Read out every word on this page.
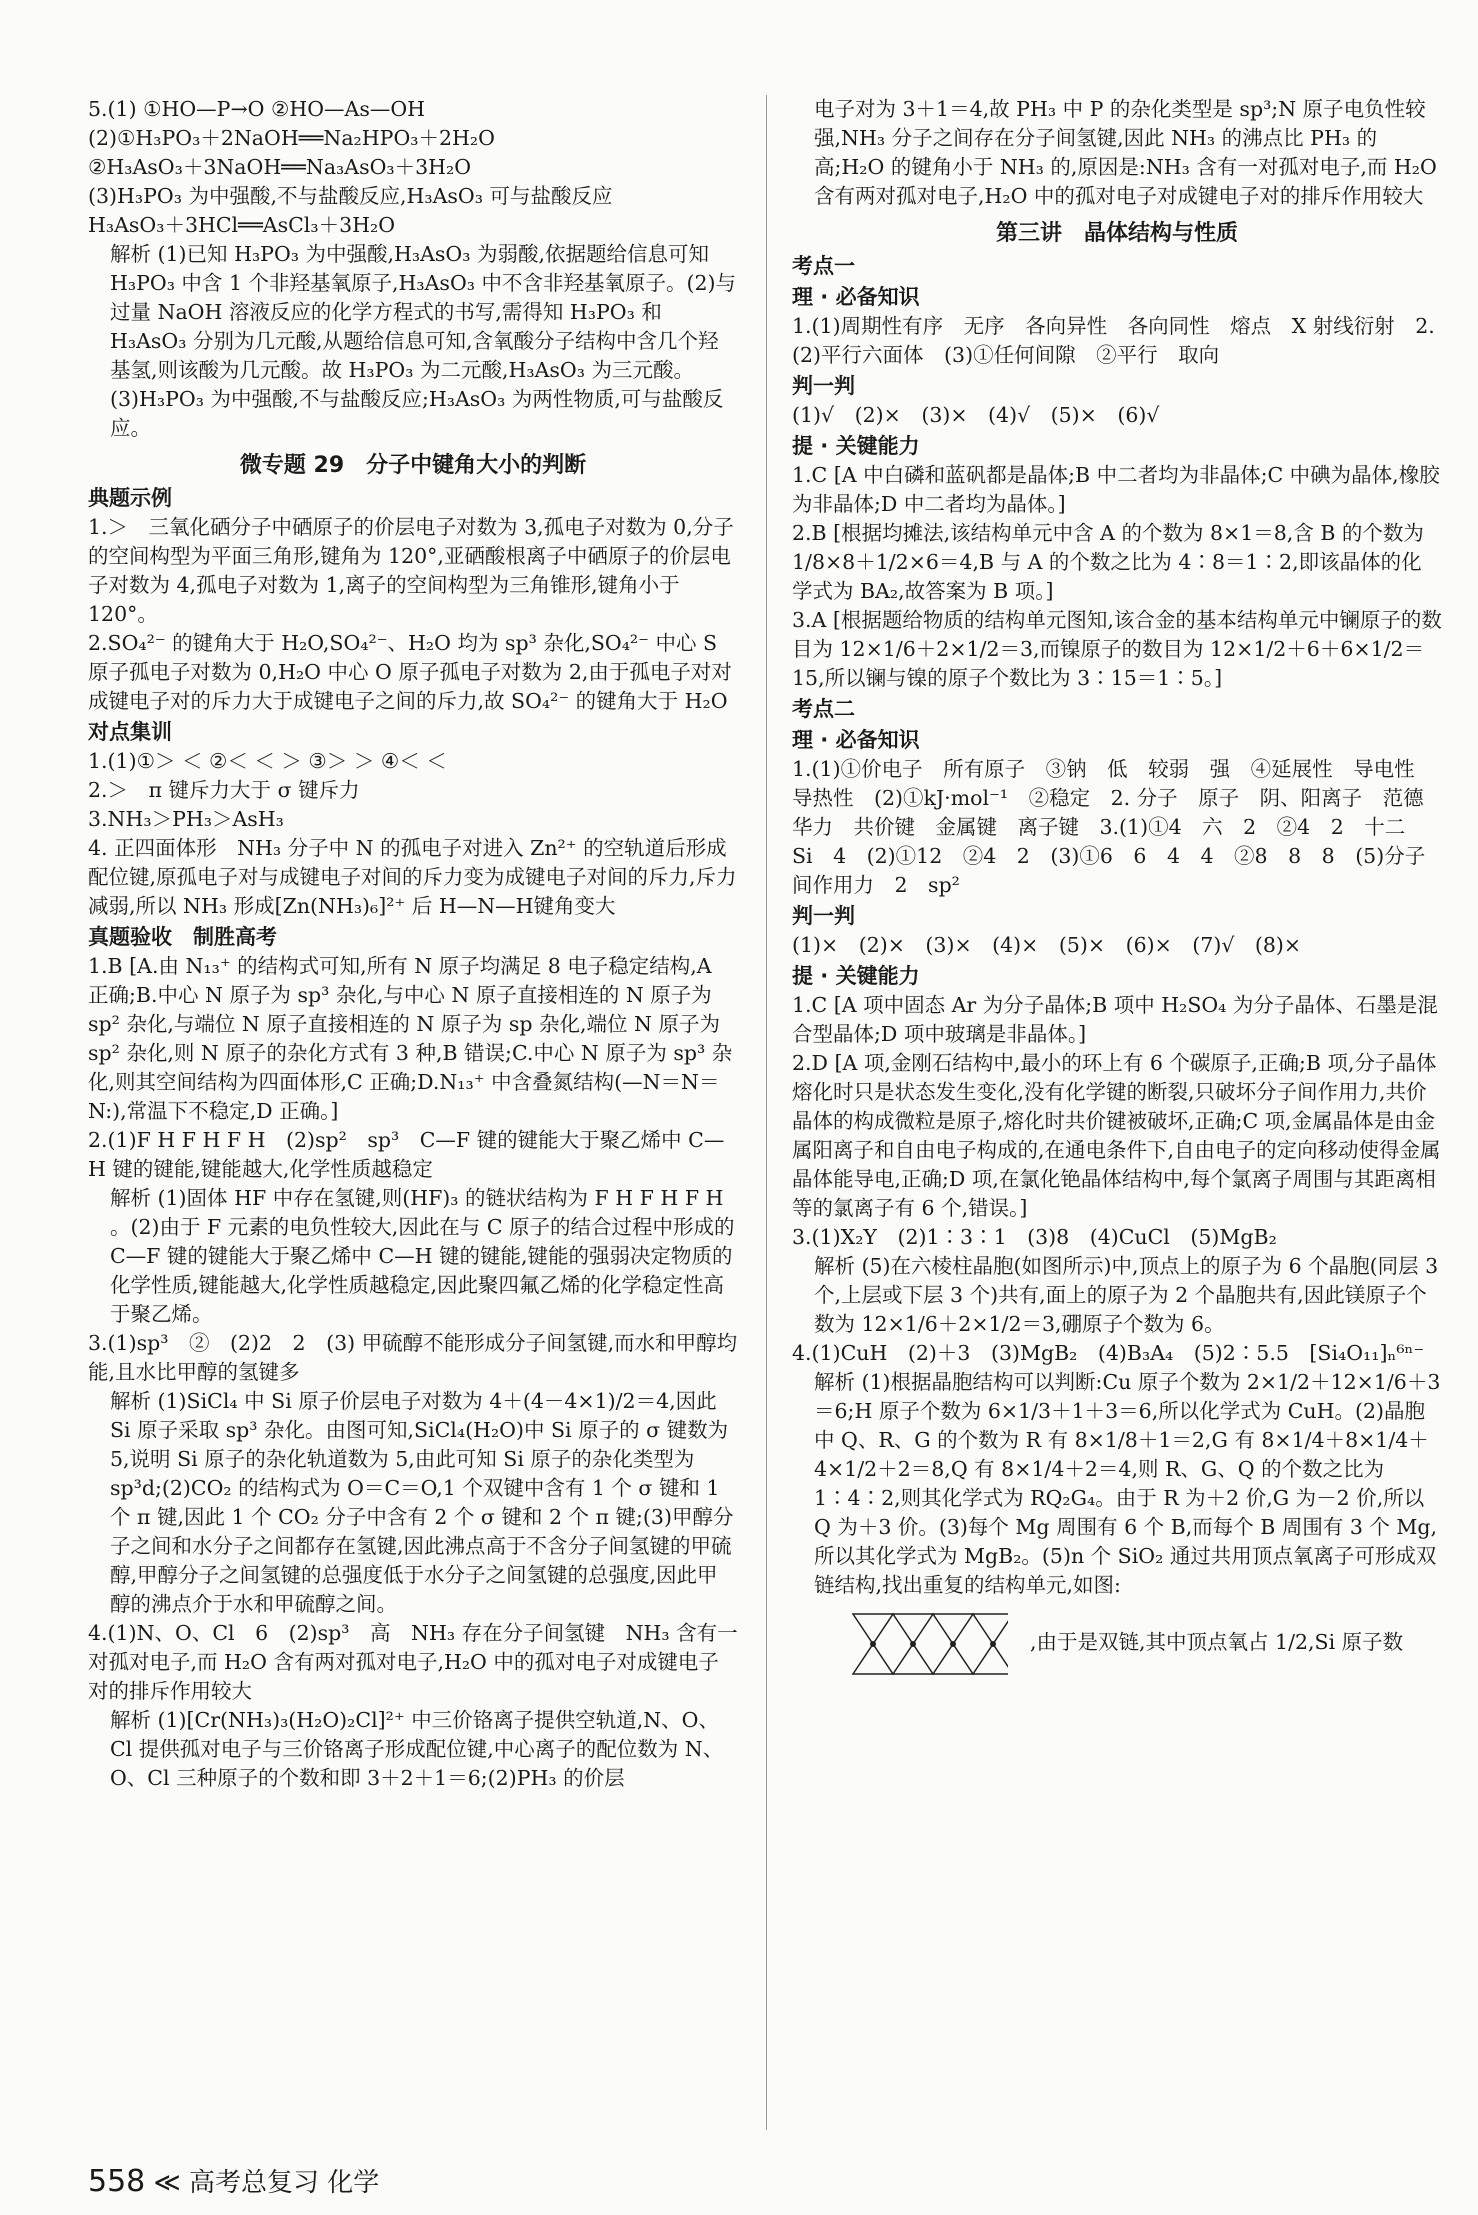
5.(1) ①HO—P→O ②HO—As—OH

(2)①H₃PO₃＋2NaOH══Na₂HPO₃＋2H₂O

②H₃AsO₃＋3NaOH══Na₃AsO₃＋3H₂O

(3)H₃PO₃ 为中强酸,不与盐酸反应,H₃AsO₃ 可与盐酸反应

H₃AsO₃＋3HCl══AsCl₃＋3H₂O

解析 (1)已知 H₃PO₃ 为中强酸,H₃AsO₃ 为弱酸,依据题给信息可知 H₃PO₃ 中含 1 个非羟基氧原子,H₃AsO₃ 中不含非羟基氧原子。(2)与过量 NaOH 溶液反应的化学方程式的书写,需得知 H₃PO₃ 和 H₃AsO₃ 分别为几元酸,从题给信息可知,含氧酸分子结构中含几个羟基氢,则该酸为几元酸。故 H₃PO₃ 为二元酸,H₃AsO₃ 为三元酸。(3)H₃PO₃ 为中强酸,不与盐酸反应;H₃AsO₃ 为两性物质,可与盐酸反应。

微专题 29　分子中键角大小的判断

典题示例

1.＞　三氧化硒分子中硒原子的价层电子对数为 3,孤电子对数为 0,分子的空间构型为平面三角形,键角为 120°,亚硒酸根离子中硒原子的价层电子对数为 4,孤电子对数为 1,离子的空间构型为三角锥形,键角小于 120°。

2.SO₄²⁻ 的键角大于 H₂O,SO₄²⁻、H₂O 均为 sp³ 杂化,SO₄²⁻ 中心 S 原子孤电子对数为 0,H₂O 中心 O 原子孤电子对数为 2,由于孤电子对对成键电子对的斥力大于成键电子之间的斥力,故 SO₄²⁻ 的键角大于 H₂O

对点集训

1.(1)①＞ ＜ ②＜ ＜ ＞ ③＞ ＞ ④＜ ＜

2.＞　π 键斥力大于 σ 键斥力

3.NH₃＞PH₃＞AsH₃

4. 正四面体形　NH₃ 分子中 N 的孤电子对进入 Zn²⁺ 的空轨道后形成配位键,原孤电子对与成键电子对间的斥力变为成键电子对间的斥力,斥力减弱,所以 NH₃ 形成[Zn(NH₃)₆]²⁺ 后 H—N—H键角变大

真题验收　制胜高考

1.B [A.由 N₁₃⁺ 的结构式可知,所有 N 原子均满足 8 电子稳定结构,A 正确;B.中心 N 原子为 sp³ 杂化,与中心 N 原子直接相连的 N 原子为 sp² 杂化,与端位 N 原子直接相连的 N 原子为 sp 杂化,端位 N 原子为 sp² 杂化,则 N 原子的杂化方式有 3 种,B 错误;C.中心 N 原子为 sp³ 杂化,则其空间结构为四面体形,C 正确;D.N₁₃⁺ 中含叠氮结构(—N＝N＝N:),常温下不稳定,D 正确。]

2.(1)F H F H F H　(2)sp²　sp³　C—F 键的键能大于聚乙烯中 C—H 键的键能,键能越大,化学性质越稳定

解析 (1)固体 HF 中存在氢键,则(HF)₃ 的链状结构为 F H F H F H 。(2)由于 F 元素的电负性较大,因此在与 C 原子的结合过程中形成的 C—F 键的键能大于聚乙烯中 C—H 键的键能,键能的强弱决定物质的化学性质,键能越大,化学性质越稳定,因此聚四氟乙烯的化学稳定性高于聚乙烯。

3.(1)sp³　②　(2)2　2　(3) 甲硫醇不能形成分子间氢键,而水和甲醇均能,且水比甲醇的氢键多

解析 (1)SiCl₄ 中 Si 原子价层电子对数为 4＋(4－4×1)/2＝4,因此 Si 原子采取 sp³ 杂化。由图可知,SiCl₄(H₂O)中 Si 原子的 σ 键数为 5,说明 Si 原子的杂化轨道数为 5,由此可知 Si 原子的杂化类型为 sp³d;(2)CO₂ 的结构式为 O＝C＝O,1 个双键中含有 1 个 σ 键和 1 个 π 键,因此 1 个 CO₂ 分子中含有 2 个 σ 键和 2 个 π 键;(3)甲醇分子之间和水分子之间都存在氢键,因此沸点高于不含分子间氢键的甲硫醇,甲醇分子之间氢键的总强度低于水分子之间氢键的总强度,因此甲醇的沸点介于水和甲硫醇之间。

4.(1)N、O、Cl　6　(2)sp³　高　NH₃ 存在分子间氢键　NH₃ 含有一对孤对电子,而 H₂O 含有两对孤对电子,H₂O 中的孤对电子对成键电子对的排斥作用较大

解析 (1)[Cr(NH₃)₃(H₂O)₂Cl]²⁺ 中三价铬离子提供空轨道,N、O、Cl 提供孤对电子与三价铬离子形成配位键,中心离子的配位数为 N、O、Cl 三种原子的个数和即 3＋2＋1＝6;(2)PH₃ 的价层

电子对为 3＋1＝4,故 PH₃ 中 P 的杂化类型是 sp³;N 原子电负性较强,NH₃ 分子之间存在分子间氢键,因此 NH₃ 的沸点比 PH₃ 的高;H₂O 的键角小于 NH₃ 的,原因是:NH₃ 含有一对孤对电子,而 H₂O 含有两对孤对电子,H₂O 中的孤对电子对成键电子对的排斥作用较大

第三讲　晶体结构与性质

考点一

理 · 必备知识

1.(1)周期性有序　无序　各向异性　各向同性　熔点　X 射线衍射　2.(2)平行六面体　(3)①任何间隙　②平行　取向

判一判

(1)√　(2)×　(3)×　(4)√　(5)×　(6)√

提 · 关键能力

1.C [A 中白磷和蓝矾都是晶体;B 中二者均为非晶体;C 中碘为晶体,橡胶为非晶体;D 中二者均为晶体。]

2.B [根据均摊法,该结构单元中含 A 的个数为 8×1＝8,含 B 的个数为 1/8×8＋1/2×6＝4,B 与 A 的个数之比为 4∶8＝1∶2,即该晶体的化学式为 BA₂,故答案为 B 项。]

3.A [根据题给物质的结构单元图知,该合金的基本结构单元中镧原子的数目为 12×1/6＋2×1/2＝3,而镍原子的数目为 12×1/2＋6＋6×1/2＝15,所以镧与镍的原子个数比为 3∶15＝1∶5。]

考点二

理 · 必备知识

1.(1)①价电子　所有原子　③钠　低　较弱　强　④延展性　导电性　导热性　(2)①kJ·mol⁻¹　②稳定　2. 分子　原子　阴、阳离子　范德华力　共价键　金属键　离子键　3.(1)①4　六　2　②4　2　十二　Si　4　(2)①12　②4　2　(3)①6　6　4　4　②8　8　8　(5)分子间作用力　2　sp²

判一判

(1)×　(2)×　(3)×　(4)×　(5)×　(6)×　(7)√　(8)×

提 · 关键能力

1.C [A 项中固态 Ar 为分子晶体;B 项中 H₂SO₄ 为分子晶体、石墨是混合型晶体;D 项中玻璃是非晶体。]

2.D [A 项,金刚石结构中,最小的环上有 6 个碳原子,正确;B 项,分子晶体熔化时只是状态发生变化,没有化学键的断裂,只破坏分子间作用力,共价晶体的构成微粒是原子,熔化时共价键被破坏,正确;C 项,金属晶体是由金属阳离子和自由电子构成的,在通电条件下,自由电子的定向移动使得金属晶体能导电,正确;D 项,在氯化铯晶体结构中,每个氯离子周围与其距离相等的氯离子有 6 个,错误。]

3.(1)X₂Y　(2)1∶3∶1　(3)8　(4)CuCl　(5)MgB₂

解析 (5)在六棱柱晶胞(如图所示)中,顶点上的原子为 6 个晶胞(同层 3 个,上层或下层 3 个)共有,面上的原子为 2 个晶胞共有,因此镁原子个数为 12×1/6＋2×1/2＝3,硼原子个数为 6。

4.(1)CuH　(2)＋3　(3)MgB₂　(4)B₃A₄　(5)2∶5.5　[Si₄O₁₁]ₙ⁶ⁿ⁻

解析 (1)根据晶胞结构可以判断:Cu 原子个数为 2×1/2＋12×1/6＋3＝6;H 原子个数为 6×1/3＋1＋3＝6,所以化学式为 CuH。(2)晶胞中 Q、R、G 的个数为 R 有 8×1/8＋1＝2,G 有 8×1/4＋8×1/4＋4×1/2＋2＝8,Q 有 8×1/4＋2＝4,则 R、G、Q 的个数之比为 1∶4∶2,则其化学式为 RQ₂G₄。由于 R 为＋2 价,G 为－2 价,所以 Q 为＋3 价。(3)每个 Mg 周围有 6 个 B,而每个 B 周围有 3 个 Mg,所以其化学式为 MgB₂。(5)n 个 SiO₂ 通过共用顶点氧离子可形成双链结构,找出重复的结构单元,如图:

,由于是双链,其中顶点氧占 1/2,Si 原子数

558 ≪ 高考总复习 化学
